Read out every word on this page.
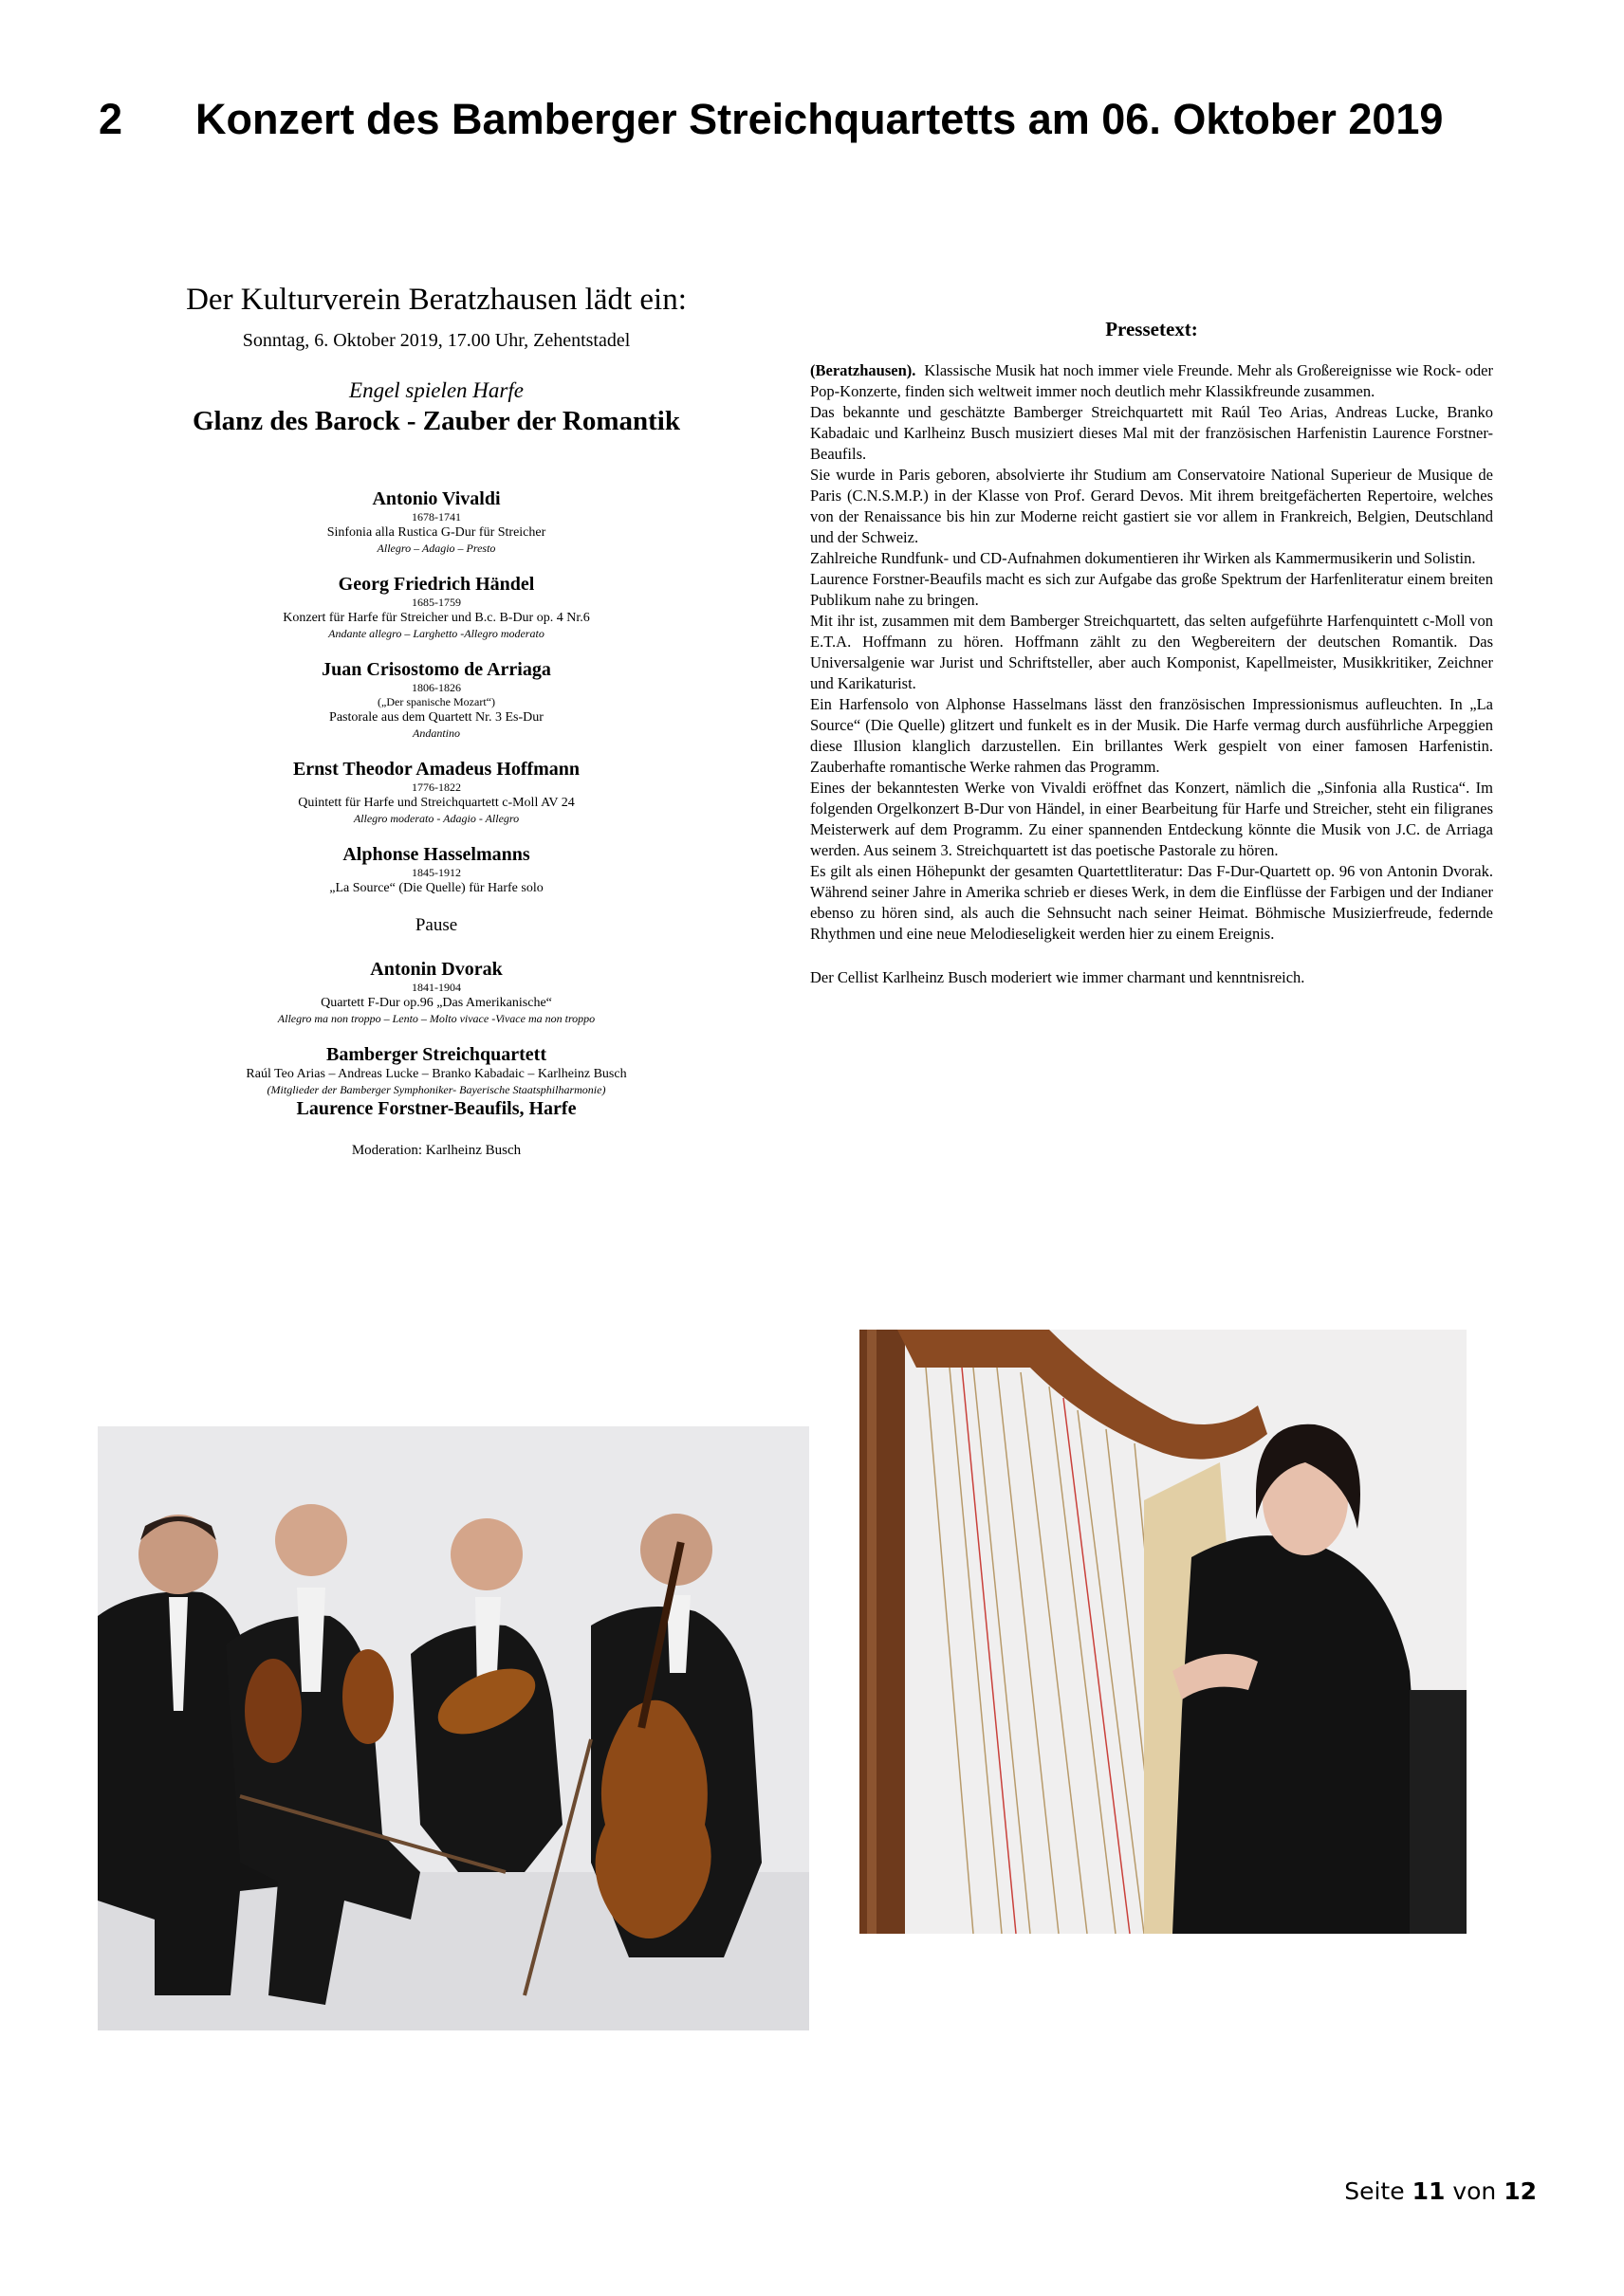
2 Konzert des Bamberger Streichquartetts am 06. Oktober 2019
Der Kulturverein Beratzhausen lädt ein:
Sonntag, 6. Oktober 2019, 17.00 Uhr, Zehentstadel
Engel spielen Harfe
Glanz des Barock - Zauber der Romantik
Antonio Vivaldi
1678-1741
Sinfonia alla Rustica G-Dur für Streicher
Allegro – Adagio – Presto
Georg Friedrich Händel
1685-1759
Konzert für Harfe für Streicher und B.c. B-Dur op. 4 Nr.6
Andante allegro – Larghetto -Allegro moderato
Juan Crisostomo de Arriaga
1806-1826
(„Der spanische Mozart“)
Pastorale aus dem Quartett Nr. 3 Es-Dur
Andantino
Ernst Theodor Amadeus Hoffmann
1776-1822
Quintett für Harfe und Streichquartett c-Moll AV 24
Allegro moderato - Adagio - Allegro
Alphonse Hasselmanns
1845-1912
„La Source“ (Die Quelle) für Harfe solo
Pause
Antonin Dvorak
1841-1904
Quartett F-Dur op.96 „Das Amerikanische“
Allegro ma non troppo – Lento – Molto vivace -Vivace ma non troppo
Bamberger Streichquartett
Raúl Teo Arias – Andreas Lucke – Branko Kabadaic – Karlheinz Busch
(Mitglieder der Bamberger Symphoniker- Bayerische Staatsphilharmonie)
Laurence Forstner-Beaufils, Harfe
Moderation: Karlheinz Busch
Pressetext:

(Beratzhausen). Klassische Musik hat noch immer viele Freunde. Mehr als Großereignisse wie Rock- oder Pop-Konzerte, finden sich weltweit immer noch deutlich mehr Klassikfreunde zusammen.

Das bekannte und geschätzte Bamberger Streichquartett mit Raúl Teo Arias, Andreas Lucke, Branko Kabadaic und Karlheinz Busch musiziert dieses Mal mit der französischen Harfenistin Laurence Forstner-Beaufils.

Sie wurde in Paris geboren, absolvierte ihr Studium am Conservatoire National Superieur de Musique de Paris (C.N.S.M.P.) in der Klasse von Prof. Gerard Devos. Mit ihrem breitgefächerten Repertoire, welches von der Renaissance bis hin zur Moderne reicht gastiert sie vor allem in Frankreich, Belgien, Deutschland und der Schweiz.

Zahlreiche Rundfunk- und CD-Aufnahmen dokumentieren ihr Wirken als Kammermusikerin und Solistin.

Laurence Forstner-Beaufils macht es sich zur Aufgabe das große Spektrum der Harfenliteratur einem breiten Publikum nahe zu bringen.

Mit ihr ist, zusammen mit dem Bamberger Streichquartett, das selten aufgeführte Harfenquintett c-Moll von E.T.A. Hoffmann zu hören. Hoffmann zählt zu den Wegbereitern der deutschen Romantik. Das Universalgenie war Jurist und Schriftsteller, aber auch Komponist, Kapellmeister, Musikkritiker, Zeichner und Karikaturist.

Ein Harfensolo von Alphonse Hasselmans lässt den französischen Impressionismus aufleuchten. In „La Source“ (Die Quelle) glitzert und funkelt es in der Musik. Die Harfe vermag durch ausführliche Arpeggien diese Illusion klanglich darzustellen. Ein brillantes Werk gespielt von einer famosen Harfenistin. Zauberhafte romantische Werke rahmen das Programm.

Eines der bekanntesten Werke von Vivaldi eröffnet das Konzert, nämlich die „Sinfonia alla Rustica“. Im folgenden Orgelkonzert B-Dur von Händel, in einer Bearbeitung für Harfe und Streicher, steht ein filigranes Meisterwerk auf dem Programm. Zu einer spannenden Entdeckung könnte die Musik von J.C. de Arriaga werden. Aus seinem 3. Streichquartett ist das poetische Pastorale zu hören.

Es gilt als einen Höhepunkt der gesamten Quartettliteratur: Das F-Dur-Quartett op. 96 von Antonin Dvorak. Während seiner Jahre in Amerika schrieb er dieses Werk, in dem die Einflüsse der Farbigen und der Indianer ebenso zu hören sind, als auch die Sehnsucht nach seiner Heimat. Böhmische Musizierfreude, federnde Rhythmen und eine neue Melodieseligkeit werden hier zu einem Ereignis.

Der Cellist Karlheinz Busch moderiert wie immer charmant und kenntnisreich.

Seite 11 von 12
